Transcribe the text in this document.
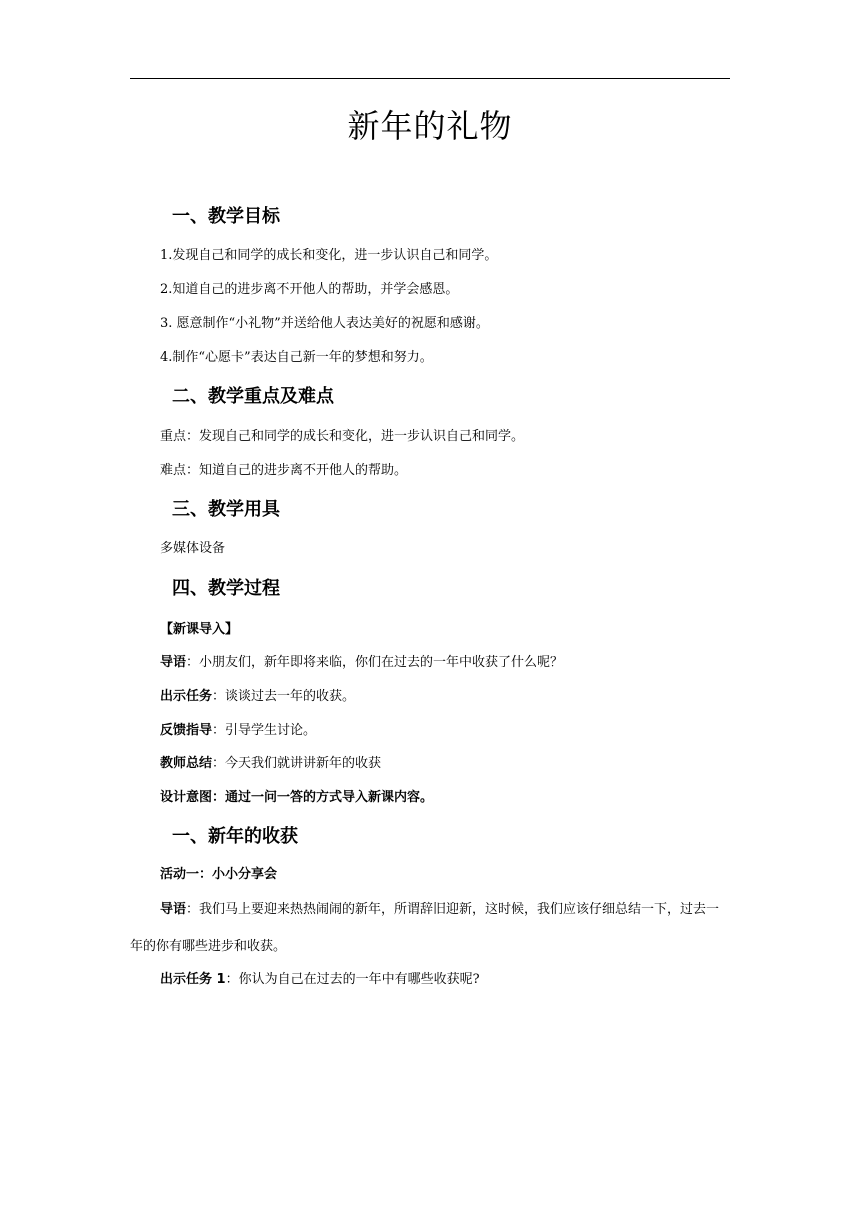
新年的礼物
一、教学目标
1.发现自己和同学的成长和变化，进一步认识自己和同学。
2.知道自己的进步离不开他人的帮助，并学会感恩。
3. 愿意制作“小礼物”并送给他人表达美好的祝愿和感谢。
4.制作“心愿卡”表达自己新一年的梦想和努力。
二、教学重点及难点
重点：发现自己和同学的成长和变化，进一步认识自己和同学。
难点：知道自己的进步离不开他人的帮助。
三、教学用具
多媒体设备
四、教学过程
【新课导入】
导语：小朋友们，新年即将来临，你们在过去的一年中收获了什么呢？
出示任务：谈谈过去一年的收获。
反馈指导：引导学生讨论。
教师总结：今天我们就讲讲新年的收获
设计意图：通过一问一答的方式导入新课内容。
一、新年的收获
活动一：小小分享会
导语：我们马上要迎来热热闹闹的新年，所谓辞旧迎新，这时候，我们应该仔细总结一下，过去一年的你有哪些进步和收获。
出示任务 1：你认为自己在过去的一年中有哪些收获呢?
